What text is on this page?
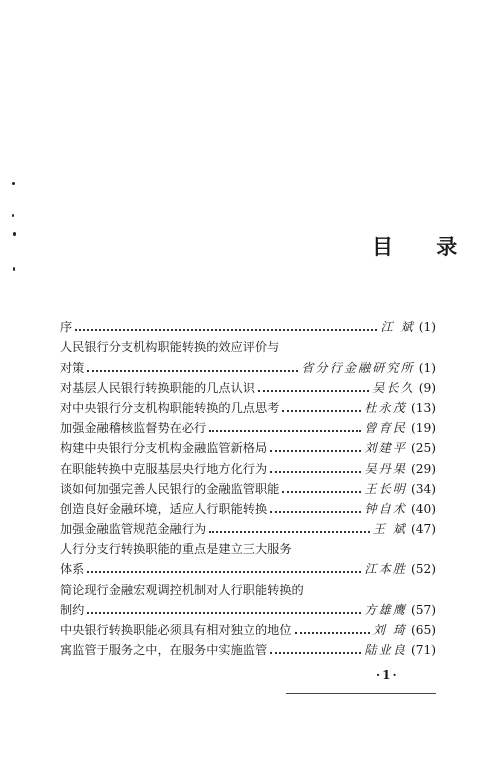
目 录
序	江 斌 (1)
人民银行分支机构职能转换的效应评价与
对策	省分行金融研究所 (1)
对基层人民银行转换职能的几点认识	吴长久 (9)
对中央银行分支机构职能转换的几点思考	杜永茂 (13)
加强金融稽核监督势在必行	曾育民 (19)
构建中央银行分支机构金融监管新格局	刘建平 (25)
在职能转换中克服基层央行地方化行为	吴丹果 (29)
谈如何加强完善人民银行的金融监管职能	王长明 (34)
创造良好金融环境，适应人行职能转换	钟自术 (40)
加强金融监管规范金融行为	王 斌 (47)
人行分支行转换职能的重点是建立三大服务
体系	江本胜 (52)
简论现行金融宏观调控机制对人行职能转换的
制约	方雄鹰 (57)
中央银行转换职能必须具有相对独立的地位	刘 琦 (65)
寓监管于服务之中，在服务中实施监管	陆业良 (71)
·1·
